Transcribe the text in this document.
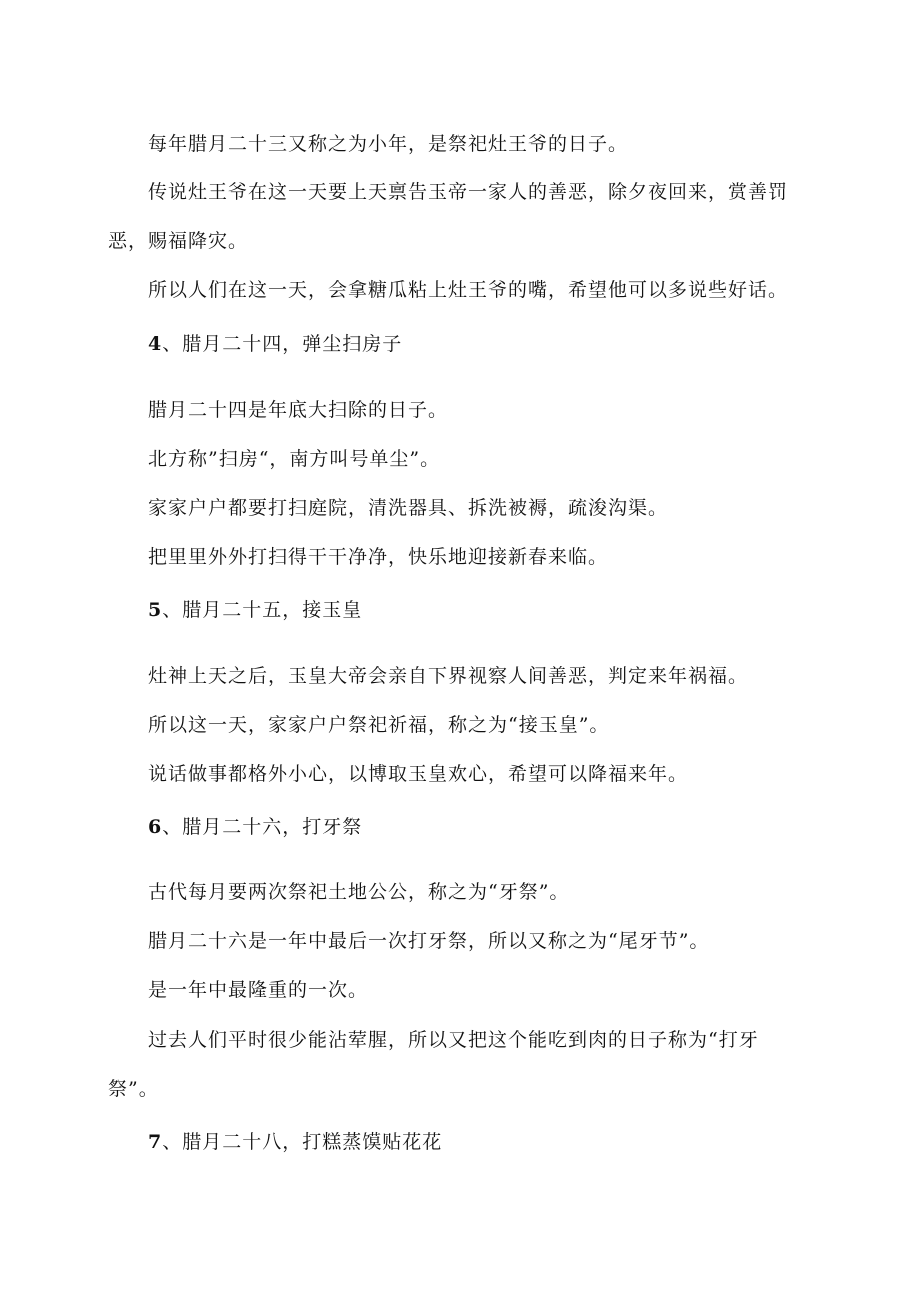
每年腊月二十三又称之为小年，是祭祀灶王爷的日子。
传说灶王爷在这一天要上天禀告玉帝一家人的善恶，除夕夜回来，赏善罚
恶，赐福降灾。
所以人们在这一天，会拿糖瓜粘上灶王爷的嘴，希望他可以多说些好话。
4、腊月二十四，弹尘扫房子
腊月二十四是年底大扫除的日子。
北方称”扫房“，南方叫号单尘”。
家家户户都要打扫庭院，清洗器具、拆洗被褥，疏浚沟渠。
把里里外外打扫得干干净净，快乐地迎接新春来临。
5、腊月二十五，接玉皇
灶神上天之后，玉皇大帝会亲自下界视察人间善恶，判定来年祸福。
所以这一天，家家户户祭祀祈福，称之为“接玉皇”。
说话做事都格外小心，以博取玉皇欢心，希望可以降福来年。
6、腊月二十六，打牙祭
古代每月要两次祭祀土地公公，称之为“牙祭”。
腊月二十六是一年中最后一次打牙祭，所以又称之为“尾牙节”。
是一年中最隆重的一次。
过去人们平时很少能沾荤腥，所以又把这个能吃到肉的日子称为“打牙
祭”。
7、腊月二十八，打糕蒸馍贴花花
